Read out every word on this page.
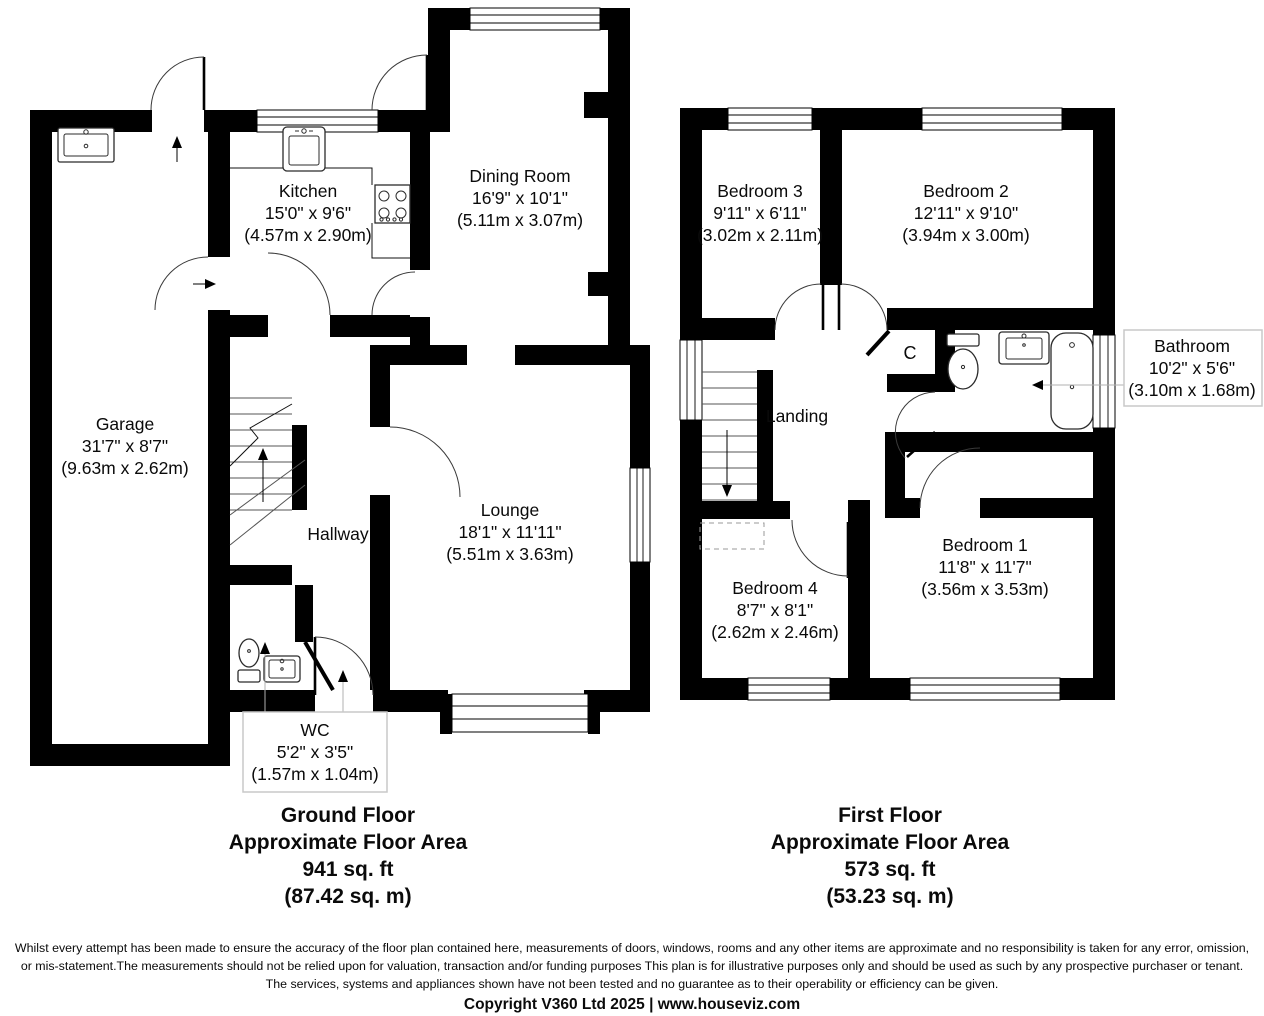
Garage
31'7" x 8'7"
(9.63m x 2.62m)
Kitchen
15'0" x 9'6"
(4.57m x 2.90m)
Dining Room
16'9" x 10'1"
(5.11m x 3.07m)
Lounge
18'1" x 11'11"
(5.51m x 3.63m)
Hallway
WC
5'2" x 3'5"
(1.57m x 1.04m)
Bedroom 3
9'11" x 6'11"
(3.02m x 2.11m)
Bedroom 2
12'11" x 9'10"
(3.94m x 3.00m)
Landing
C	Bathroom
10'2" x 5'6"
(3.10m x 1.68m)
Bedroom 4
8'7" x 8'1"
(2.62m x 2.46m)
Bedroom 1
11'8" x 11'7"
(3.56m x 3.53m)
Ground Floor
Approximate Floor Area
941 sq. ft
(87.42 sq. m)
First Floor
Approximate Floor Area
573 sq. ft
(53.23 sq. m)
Whilst every attempt has been made to ensure the accuracy of the floor plan contained here, measurements of doors, windows, rooms and any other items are approximate and no responsibility is taken for any error, omission,
or mis-statement.The measurements should not be relied upon for valuation, transaction and/or funding purposes This plan is for illustrative purposes only and should be used as such by any prospective purchaser or tenant.
The services, systems and appliances shown have not been tested and no guarantee as to their operability or efficiency can be given.
Copyright V360 Ltd 2025 | www.houseviz.com
